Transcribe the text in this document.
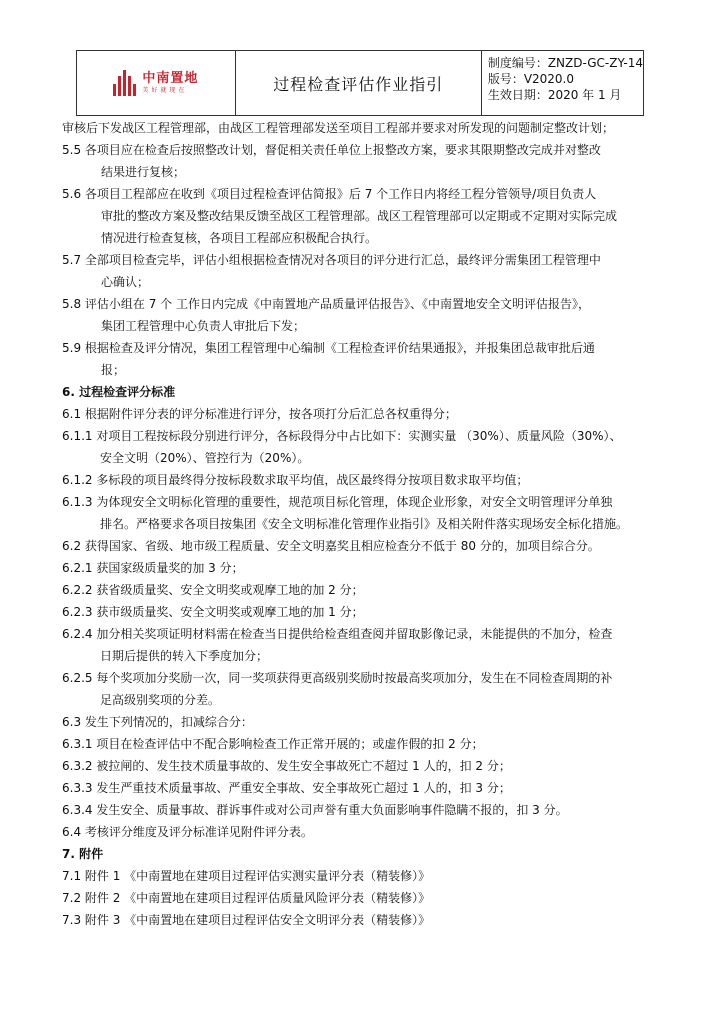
中南置地
美好就现在	过程检查评估作业指引
制度编号：ZNZD-GC-ZY-14
版号：V2020.0
生效日期：2020 年 1 月
审核后下发战区工程管理部，由战区工程管理部发送至项目工程部并要求对所发现的问题制定整改计划；
5.5 各项目应在检查后按照整改计划，督促相关责任单位上报整改方案，要求其限期整改完成并对整改
结果进行复核；
5.6 各项目工程部应在收到《项目过程检查评估简报》后 7 个工作日内将经工程分管领导/项目负责人
审批的整改方案及整改结果反馈至战区工程管理部。战区工程管理部可以定期或不定期对实际完成
情况进行检查复核，各项目工程部应积极配合执行。
5.7 全部项目检查完毕，评估小组根据检查情况对各项目的评分进行汇总，最终评分需集团工程管理中
心确认；
5.8 评估小组在 7 个 工作日内完成《中南置地产品质量评估报告》、《中南置地安全文明评估报告》，
集团工程管理中心负责人审批后下发；
5.9 根据检查及评分情况，集团工程管理中心编制《工程检查评价结果通报》，并报集团总裁审批后通
报；
6. 过程检查评分标准
6.1 根据附件评分表的评分标准进行评分，按各项打分后汇总各权重得分；
6.1.1 对项目工程按标段分别进行评分，各标段得分中占比如下：实测实量 （30%）、质量风险（30%）、
安全文明（20%）、管控行为（20%）。
6.1.2 多标段的项目最终得分按标段数求取平均值，战区最终得分按项目数求取平均值；
6.1.3 为体现安全文明标化管理的重要性，规范项目标化管理，体现企业形象，对安全文明管理评分单独
排名。严格要求各项目按集团《安全文明标准化管理作业指引》及相关附件落实现场安全标化措施。
6.2 获得国家、省级、地市级工程质量、安全文明嘉奖且相应检查分不低于 80 分的，加项目综合分。
6.2.1 获国家级质量奖的加 3 分；
6.2.2 获省级质量奖、安全文明奖或观摩工地的加 2 分；
6.2.3 获市级质量奖、安全文明奖或观摩工地的加 1 分；
6.2.4 加分相关奖项证明材料需在检查当日提供给检查组查阅并留取影像记录，未能提供的不加分，检查
日期后提供的转入下季度加分；
6.2.5 每个奖项加分奖励一次，同一奖项获得更高级别奖励时按最高奖项加分，发生在不同检查周期的补
足高级别奖项的分差。
6.3 发生下列情况的，扣减综合分：
6.3.1 项目在检查评估中不配合影响检查工作正常开展的；或虚作假的扣 2 分；
6.3.2 被拉闸的、发生技术质量事故的、发生安全事故死亡不超过 1 人的，扣 2 分；
6.3.3 发生严重技术质量事故、严重安全事故、安全事故死亡超过 1 人的，扣 3 分；
6.3.4 发生安全、质量事故、群诉事件或对公司声誉有重大负面影响事件隐瞒不报的，扣 3 分。
6.4 考核评分维度及评分标准详见附件评分表。
7. 附件
7.1 附件 1 《中南置地在建项目过程评估实测实量评分表（精装修）》
7.2 附件 2 《中南置地在建项目过程评估质量风险评分表（精装修）》
7.3 附件 3 《中南置地在建项目过程评估安全文明评分表（精装修）》
